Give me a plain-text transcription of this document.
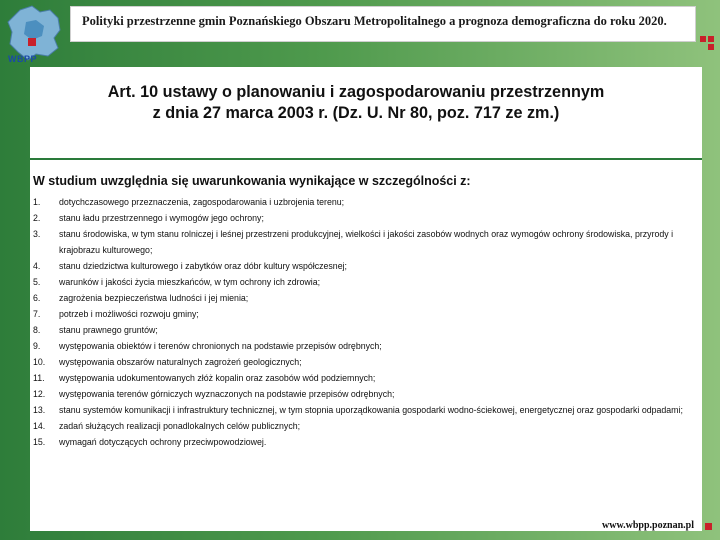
WBPP
Polityki przestrzenne gmin Poznańskiego Obszaru Metropolitalnego a prognoza demograficzna do roku 2020.
Art. 10 ustawy o planowaniu i zagospodarowaniu przestrzennym
z dnia 27 marca 2003 r. (Dz. U. Nr 80, poz. 717 ze zm.)
W studium uwzględnia się uwarunkowania wynikające w szczególności z:
1.	dotychczasowego przeznaczenia, zagospodarowania i uzbrojenia terenu;
2.	stanu ładu przestrzennego i wymogów jego ochrony;
3.	stanu środowiska, w tym stanu rolniczej i leśnej przestrzeni produkcyjnej, wielkości i jakości zasobów wodnych oraz wymogów ochrony środowiska, przyrody i krajobrazu kulturowego;
4.	stanu dziedzictwa kulturowego i zabytków oraz dóbr kultury współczesnej;
5.	warunków i jakości życia mieszkańców, w tym ochrony ich zdrowia;
6.	zagrożenia bezpieczeństwa ludności i jej mienia;
7.	potrzeb i możliwości rozwoju gminy;
8.	stanu prawnego gruntów;
9.	występowania obiektów i terenów chronionych na podstawie przepisów odrębnych;
10.	występowania obszarów naturalnych zagrożeń geologicznych;
11.	występowania udokumentowanych złóż kopalin oraz zasobów wód podziemnych;
12.	występowania terenów górniczych wyznaczonych na podstawie przepisów odrębnych;
13.	stanu systemów komunikacji i infrastruktury technicznej, w tym stopnia uporządkowania gospodarki wodno-ściekowej, energetycznej oraz gospodarki odpadami;
14.	zadań służących realizacji ponadlokalnych celów publicznych;
15.	wymagań dotyczących ochrony przeciwpowodziowej.
www.wbpp.poznan.pl
